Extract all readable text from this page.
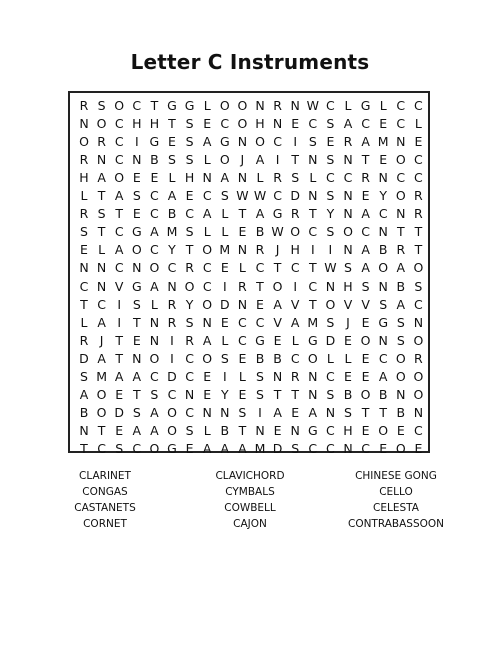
Letter C Instruments
R S O C T G G L O O N R N W C L G L C C
N O C H H T S E C O H N E C S A C E C L
O R C I G E S A G N O C I S E R A M N E
R N C N B S S L O J A I T N S N T E O C
H A O E E L H N A N L R S L C C R N C C
L T A S C A E C S W W C D N S N E Y O R
R S T E C B C A L T A G R T Y N A C N R
S T C G A M S L L E B W O C S O C N T T
E L A O C Y T O M N R J H I	I N A B R T
N N C N O C R C E L C T C T W S A O A O
C N V G A N O C I R T O I C N H S N B S
T C I S L R Y O D N E A V T O V V S A C
L A I T N R S N E C C V A M S J E G S N
R J T E N I R A L C G E L G D E O N S O
D A T N O I C O S E B B C O L L E C O R
S M A A C D C E I L S N R N C E E A O O
A O E T S C N E Y E S T T N S B O B N O
B O D S A O C N N S I A E A N S T T B N
N T E A A O S L B T N E N G C H E O E C
T C S C O G E A A A M D S C C N C E O E
CLARINET
CONGAS
CASTANETS
CORNET
CLAVICHORD
CYMBALS
COWBELL
CAJON
CHINESE GONG
CELLO
CELESTA
CONTRABASSOON
